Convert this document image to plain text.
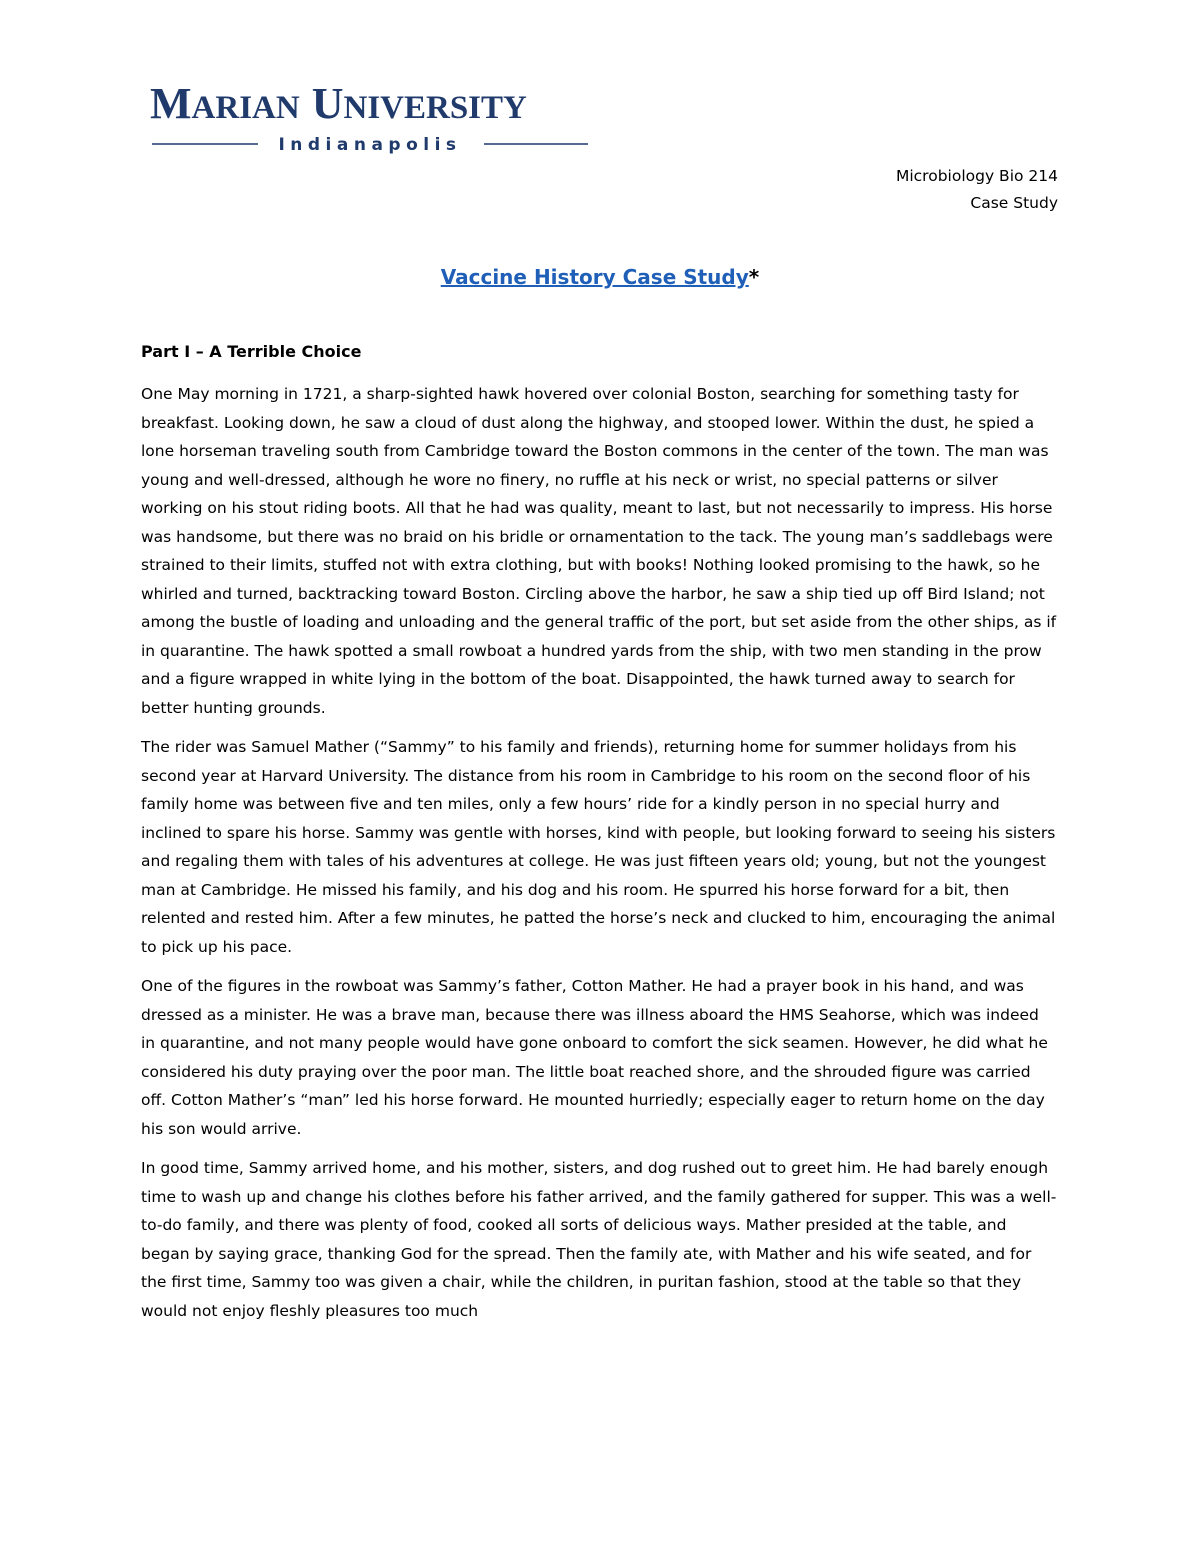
MARIAN UNIVERSITY
Indianapolis
Microbiology Bio 214
Case Study
Vaccine History Case Study*
Part I – A Terrible Choice

One May morning in 1721, a sharp-sighted hawk hovered over colonial Boston, searching for something tasty for breakfast. Looking down, he saw a cloud of dust along the highway, and stooped lower. Within the dust, he spied a lone horseman traveling south from Cambridge toward the Boston commons in the center of the town. The man was young and well-dressed, although he wore no finery, no ruffle at his neck or wrist, no special patterns or silver working on his stout riding boots. All that he had was quality, meant to last, but not necessarily to impress. His horse was handsome, but there was no braid on his bridle or ornamentation to the tack. The young man’s saddlebags were strained to their limits, stuffed not with extra clothing, but with books! Nothing looked promising to the hawk, so he whirled and turned, backtracking toward Boston. Circling above the harbor, he saw a ship tied up off Bird Island; not among the bustle of loading and unloading and the general traffic of the port, but set aside from the other ships, as if in quarantine. The hawk spotted a small rowboat a hundred yards from the ship, with two men standing in the prow and a figure wrapped in white lying in the bottom of the boat. Disappointed, the hawk turned away to search for better hunting grounds.

The rider was Samuel Mather (“Sammy” to his family and friends), returning home for summer holidays from his second year at Harvard University. The distance from his room in Cambridge to his room on the second floor of his family home was between five and ten miles, only a few hours’ ride for a kindly person in no special hurry and inclined to spare his horse. Sammy was gentle with horses, kind with people, but looking forward to seeing his sisters and regaling them with tales of his adventures at college. He was just fifteen years old; young, but not the youngest man at Cambridge. He missed his family, and his dog and his room. He spurred his horse forward for a bit, then relented and rested him. After a few minutes, he patted the horse’s neck and clucked to him, encouraging the animal to pick up his pace.

One of the figures in the rowboat was Sammy’s father, Cotton Mather. He had a prayer book in his hand, and was dressed as a minister. He was a brave man, because there was illness aboard the HMS Seahorse, which was indeed in quarantine, and not many people would have gone onboard to comfort the sick seamen. However, he did what he considered his duty praying over the poor man. The little boat reached shore, and the shrouded figure was carried off. Cotton Mather’s “man” led his horse forward. He mounted hurriedly; especially eager to return home on the day his son would arrive.

In good time, Sammy arrived home, and his mother, sisters, and dog rushed out to greet him. He had barely enough time to wash up and change his clothes before his father arrived, and the family gathered for supper. This was a well-to-do family, and there was plenty of food, cooked all sorts of delicious ways. Mather presided at the table, and began by saying grace, thanking God for the spread. Then the family ate, with Mather and his wife seated, and for the first time, Sammy too was given a chair, while the children, in puritan fashion, stood at the table so that they would not enjoy fleshly pleasures too much
